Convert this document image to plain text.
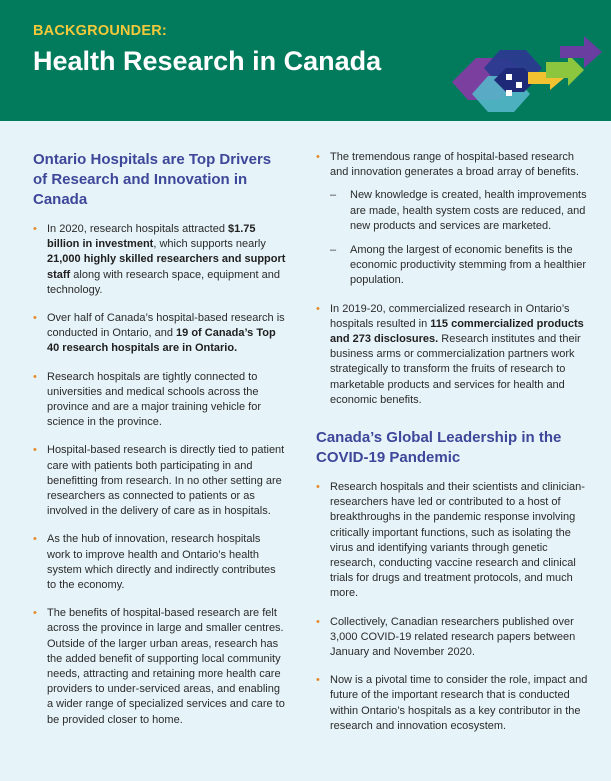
BACKGROUNDER:
Health Research in Canada
Ontario Hospitals are Top Drivers of Research and Innovation in Canada
• In 2020, research hospitals attracted $1.75 billion in investment, which supports nearly 21,000 highly skilled researchers and support staff along with research space, equipment and technology.
• Over half of Canada’s hospital-based research is conducted in Ontario, and 19 of Canada’s Top 40 research hospitals are in Ontario.
• Research hospitals are tightly connected to universities and medical schools across the province and are a major training vehicle for science in the province.
• Hospital-based research is directly tied to patient care with patients both participating in and benefitting from research. In no other setting are researchers as connected to patients or as involved in the delivery of care as in hospitals.
• As the hub of innovation, research hospitals work to improve health and Ontario’s health system which directly and indirectly contributes to the economy.
• The benefits of hospital-based research are felt across the province in large and smaller centres. Outside of the larger urban areas, research has the added benefit of supporting local community needs, attracting and retaining more health care providers to under-serviced areas, and enabling a wider range of specialized services and care to be provided closer to home.
• The tremendous range of hospital-based research and innovation generates a broad array of benefits.
– New knowledge is created, health improvements are made, health system costs are reduced, and new products and services are marketed.
– Among the largest of economic benefits is the economic productivity stemming from a healthier population.
• In 2019-20, commercialized research in Ontario’s hospitals resulted in 115 commercialized products and 273 disclosures. Research institutes and their business arms or commercialization partners work strategically to transform the fruits of research to marketable products and services for health and economic benefits.
Canada’s Global Leadership in the COVID-19 Pandemic
• Research hospitals and their scientists and clinician-researchers have led or contributed to a host of breakthroughs in the pandemic response involving critically important functions, such as isolating the virus and identifying variants through genetic research, conducting vaccine research and clinical trials for drugs and treatment protocols, and much more.
• Collectively, Canadian researchers published over 3,000 COVID-19 related research papers between January and November 2020.
• Now is a pivotal time to consider the role, impact and future of the important research that is conducted within Ontario’s hospitals as a key contributor in the research and innovation ecosystem.
